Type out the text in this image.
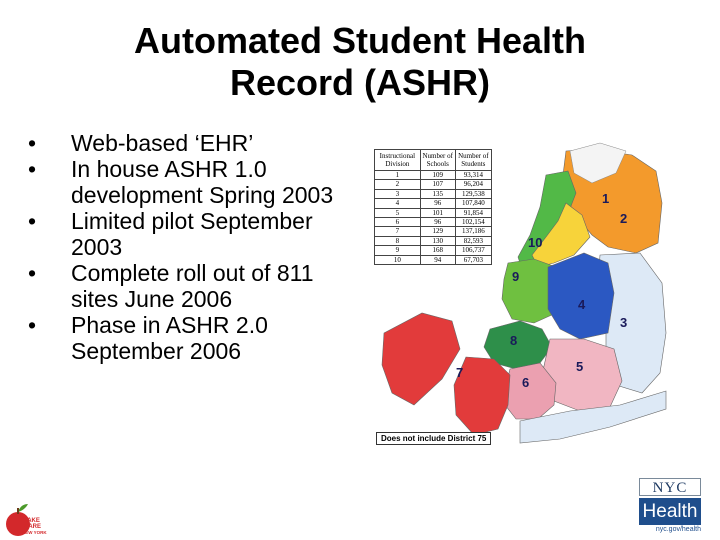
Automated Student Health
Record (ASHR)
• Web-based ‘EHR’
• In house ASHR 1.0 development Spring 2003
• Limited pilot September 2003
• Complete roll out of 811 sites June 2006
• Phase in ASHR 2.0 September 2006
1
2
3
4
5
6
7
8
9
10
Instructional Division	Number of Schools	Number of Students
1	109	93,314
2	107	96,204
3	135	129,538
4	96	107,840
5	101	91,854
6	96	102,154
7	129	137,186
8	130	82,593
9	168	106,737
10	94	67,703
Does not include District 75
TAKE
CARE
NEW YORK
NYC
Health
nyc.gov/health
